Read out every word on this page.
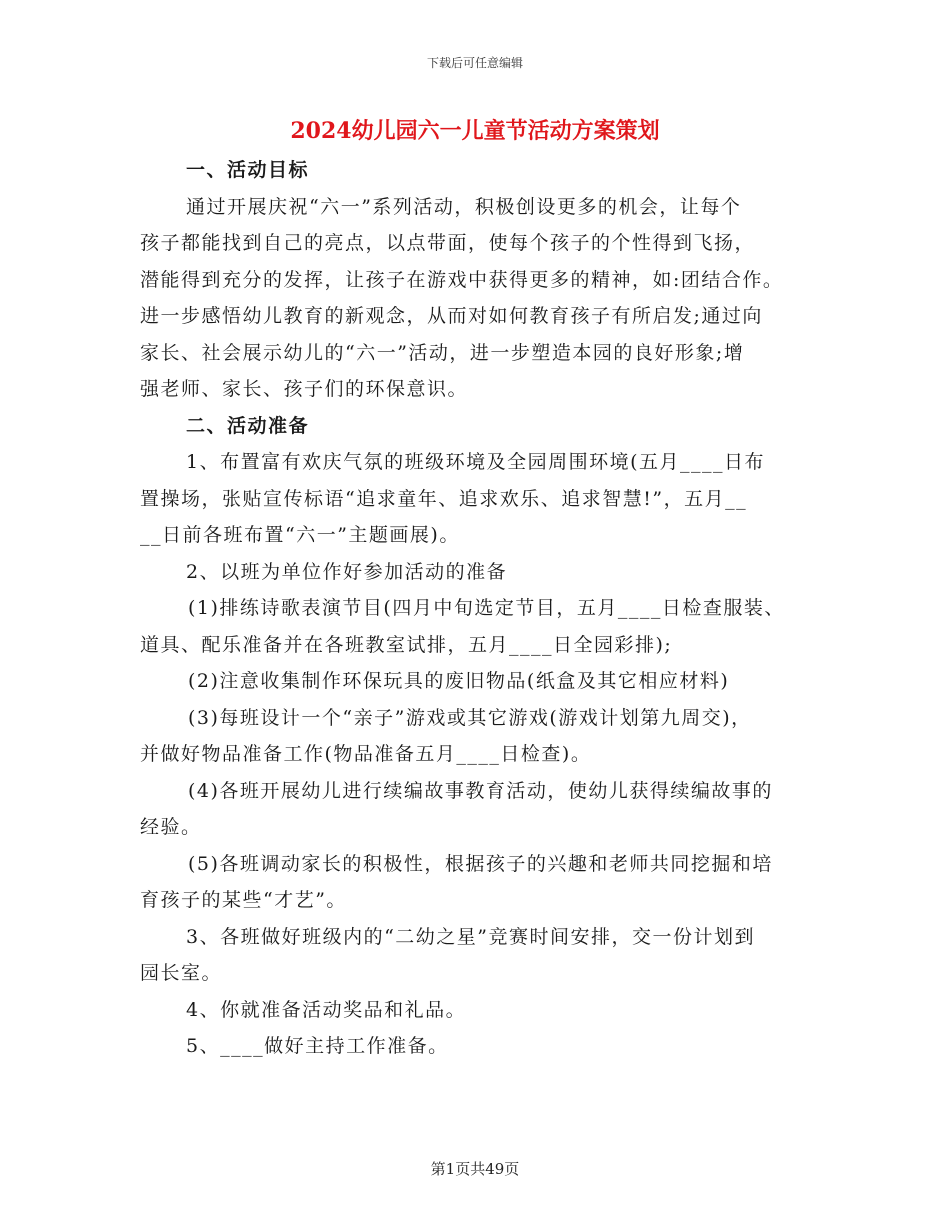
下载后可任意编辑
2024幼儿园六一儿童节活动方案策划
一、活动目标
通过开展庆祝“六一”系列活动，积极创设更多的机会，让每个
孩子都能找到自己的亮点，以点带面，使每个孩子的个性得到飞扬，
潜能得到充分的发挥，让孩子在游戏中获得更多的精神，如:团结合作。
进一步感悟幼儿教育的新观念，从而对如何教育孩子有所启发;通过向
家长、社会展示幼儿的“六一”活动，进一步塑造本园的良好形象;增
强老师、家长、孩子们的环保意识。
二、活动准备
1、布置富有欢庆气氛的班级环境及全园周围环境(五月____日布
置操场，张贴宣传标语“追求童年、追求欢乐、追求智慧!”，五月__
__日前各班布置“六一”主题画展)。
2、以班为单位作好参加活动的准备
(1)排练诗歌表演节目(四月中旬选定节目，五月____日检查服装、
道具、配乐准备并在各班教室试排，五月____日全园彩排);
(2)注意收集制作环保玩具的废旧物品(纸盒及其它相应材料)
(3)每班设计一个“亲子”游戏或其它游戏(游戏计划第九周交)，
并做好物品准备工作(物品准备五月____日检查)。
(4)各班开展幼儿进行续编故事教育活动，使幼儿获得续编故事的
经验。
(5)各班调动家长的积极性，根据孩子的兴趣和老师共同挖掘和培
育孩子的某些“才艺”。
3、各班做好班级内的“二幼之星”竞赛时间安排，交一份计划到
园长室。
4、你就准备活动奖品和礼品。
5、____做好主持工作准备。
第1页共49页
